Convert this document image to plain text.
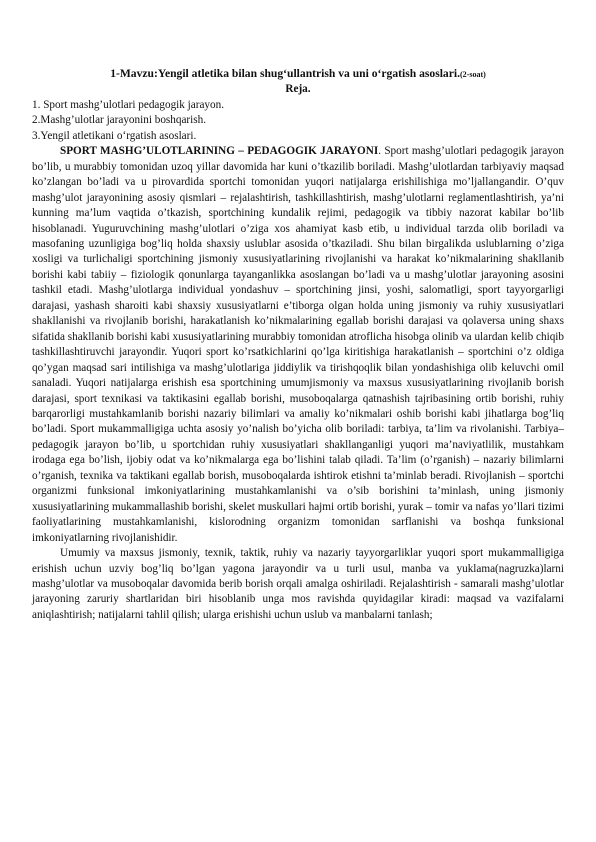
1-Mavzu:Yengil atletika bilan shug‘ullantrish va uni o‘rgatish asoslari.(2-soat)

Reja.

1. Sport mashg’ulotlari pedagogik jarayon.
2.Mashg’ulotlar jarayonini boshqarish.
3.Yengil atletikani o‘rgatish asoslari.

SPORT MASHG’ULOTLARINING – PEDAGOGIK JARAYONI. Sport mashg’ulotlari pedagogik jarayon bo’lib, u murabbiy tomonidan uzoq yillar davomida har kuni o’tkazilib boriladi. Mashg’ulotlardan tarbiyaviy maqsad ko’zlangan bo’ladi va u pirovardida sportchi tomonidan yuqori natijalarga erishilishiga mo’ljallangandir. O’quv mashg’ulot jarayonining asosiy qismlari – rejalashtirish, tashkillashtirish, mashg’ulotlarni reglamentlashtirish, ya’ni kunning ma’lum vaqtida o’tkazish, sportchining kundalik rejimi, pedagogik va tibbiy nazorat kabilar bo’lib hisoblanadi. Yuguruvchining mashg’ulotlari o’ziga xos ahamiyat kasb etib, u individual tarzda olib boriladi va masofaning uzunligiga bog’liq holda shaxsiy uslublar asosida o’tkaziladi. Shu bilan birgalikda uslublarning o’ziga xosligi va turlichaligi sportchining jismoniy xususiyatlarining rivojlanishi va harakat ko’nikmalarining shakllanib borishi kabi tabiiy – fiziologik qonunlarga tayanganlikka asoslangan bo’ladi va u mashg’ulotlar jarayoning asosini tashkil etadi. Mashg’ulotlarga individual yondashuv – sportchining jinsi, yoshi, salomatligi, sport tayyorgarligi darajasi, yashash sharoiti kabi shaxsiy xususiyatlarni e’tiborga olgan holda uning jismoniy va ruhiy xususiyatlari shakllanishi va rivojlanib borishi, harakatlanish ko’nikmalarining egallab borishi darajasi va qolaversa uning shaxs sifatida shakllanib borishi kabi xususiyatlarining murabbiy tomonidan atroflicha hisobga olinib va ulardan kelib chiqib tashkillashtiruvchi jarayondir. Yuqori sport ko’rsatkichlarini qo’lga kiritishiga harakatlanish – sportchini o’z oldiga qo’ygan maqsad sari intilishiga va mashg’ulotlariga jiddiylik va tirishqoqlik bilan yondashishiga olib keluvchi omil sanaladi. Yuqori natijalarga erishish esa sportchining umumjismoniy va maxsus xususiyatlarining rivojlanib borish darajasi, sport texnikasi va taktikasini egallab borishi, musoboqalarga qatnashish tajribasining ortib borishi, ruhiy barqarorligi mustahkamlanib borishi nazariy bilimlari va amaliy ko’nikmalari oshib borishi kabi jihatlarga bog’liq bo’ladi. Sport mukammalligiga uchta asosiy yo’nalish bo’yicha olib boriladi: tarbiya, ta’lim va rivolanishi. Tarbiya– pedagogik jarayon bo’lib, u sportchidan ruhiy xususiyatlari shakllanganligi yuqori ma’naviyatlilik, mustahkam irodaga ega bo’lish, ijobiy odat va ko’nikmalarga ega bo’lishini talab qiladi. Ta’lim (o’rganish) – nazariy bilimlarni o’rganish, texnika va taktikani egallab borish, musoboqalarda ishtirok etishni ta’minlab beradi. Rivojlanish – sportchi organizmi funksional imkoniyatlarining mustahkamlanishi va o’sib borishini ta’minlash, uning jismoniy xususiyatlarining mukammallashib borishi, skelet muskullari hajmi ortib borishi, yurak – tomir va nafas yo’llari tizimi faoliyatlarining mustahkamlanishi, kislorodning organizm tomonidan sarflanishi va boshqa funksional imkoniyatlarning rivojlanishidir.

Umumiy va maxsus jismoniy, texnik, taktik, ruhiy va nazariy tayyorgarliklar yuqori sport mukammalligiga erishish uchun uzviy bog’liq bo’lgan yagona jarayondir va u turli usul, manba va yuklama(nagruzka)larni mashg’ulotlar va musoboqalar davomida berib borish orqali amalga oshiriladi. Rejalashtirish - samarali mashg’ulotlar jarayoning zaruriy shartlaridan biri hisoblanib unga mos ravishda quyidagilar kiradi: maqsad va vazifalarni aniqlashtirish; natijalarni tahlil qilish; ularga erishishi uchun uslub va manbalarni tanlash;
